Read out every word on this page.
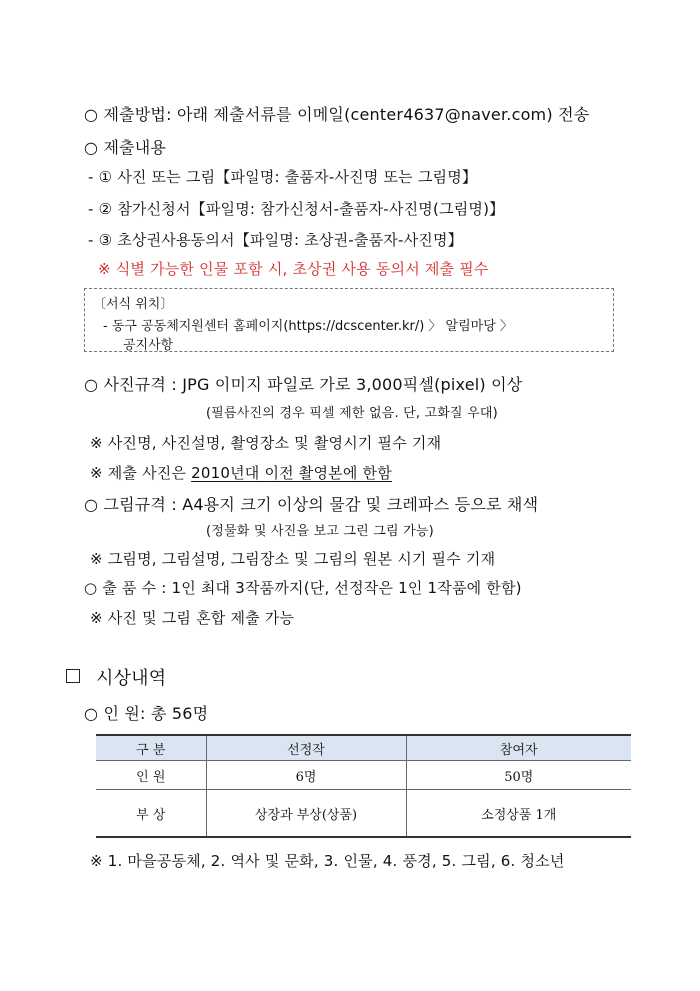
○ 제출방법: 아래 제출서류를 이메일(center4637@naver.com) 전송
○ 제출내용
- ① 사진 또는 그림【파일명: 출품자-사진명 또는 그림명】
- ② 참가신청서【파일명: 참가신청서-출품자-사진명(그림명)】
- ③ 초상권사용동의서【파일명: 초상권-출품자-사진명】
※ 식별 가능한 인물 포함 시, 초상권 사용 동의서 제출 필수
〔서식 위치〕
- 동구 공동체지원센터 홈페이지(https://dcscenter.kr/) 〉 알림마당 〉
공지사항
○ 사진규격 : JPG 이미지 파일로 가로 3,000픽셀(pixel) 이상
(필름사진의 경우 픽셀 제한 없음. 단, 고화질 우대)
※ 사진명, 사진설명, 촬영장소 및 촬영시기 필수 기재
※ 제출 사진은 2010년대 이전 촬영본에 한함
○ 그림규격 : A4용지 크기 이상의 물감 및 크레파스 등으로 채색
(정물화 및 사진을 보고 그린 그림 가능)
※ 그림명, 그림설명, 그림장소 및 그림의 원본 시기 필수 기재
○ 출 품 수 : 1인 최대 3작품까지(단, 선정작은 1인 1작품에 한함)
※ 사진 및 그림 혼합 제출 가능
시상내역
○ 인 원: 총 56명
구 분	선정작	참여자
인 원	6명	50명
부 상	상장과 부상(상품)	소정상품 1개
※ 1. 마을공동체, 2. 역사 및 문화, 3. 인물, 4. 풍경, 5. 그림, 6. 청소년
